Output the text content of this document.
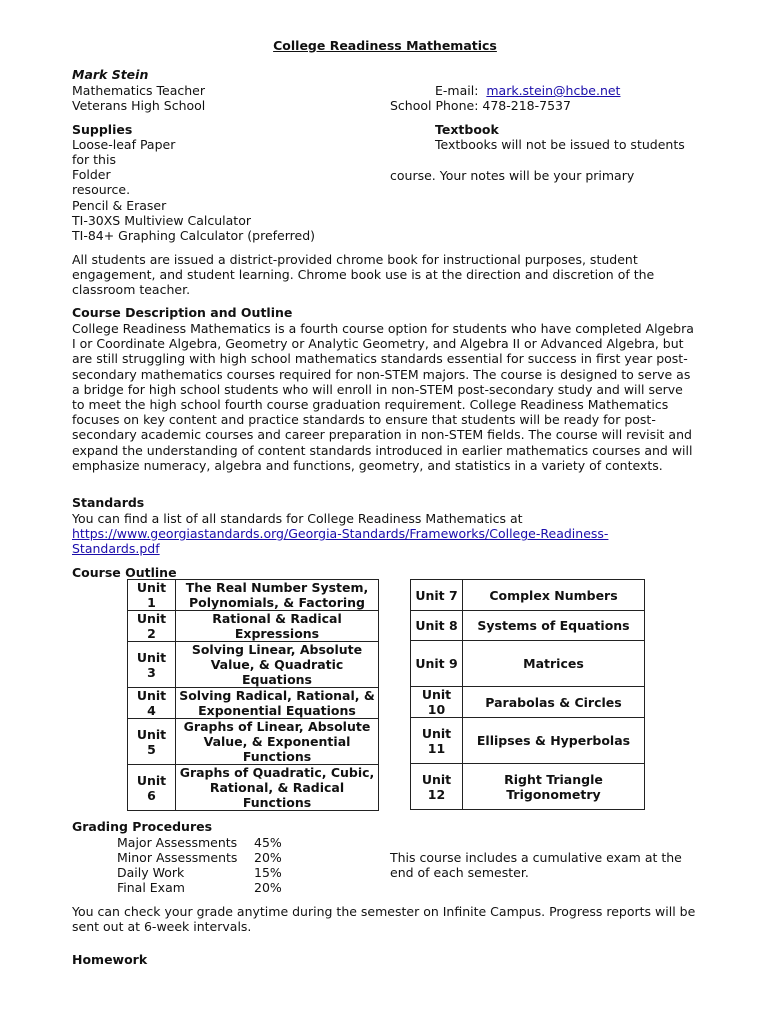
College Readiness Mathematics
Mark Stein
Mathematics Teacher
Veterans High School
E-mail: mark.stein@hcbe.net
School Phone: 478-218-7537
Supplies
Loose-leaf Paper
for this
Folder
resource.
Pencil & Eraser
TI-30XS Multiview Calculator
TI-84+ Graphing Calculator (preferred)
Textbook
Textbooks will not be issued to students
course. Your notes will be your primary
All students are issued a district-provided chrome book for instructional purposes, student engagement, and student learning. Chrome book use is at the direction and discretion of the classroom teacher.
Course Description and Outline
College Readiness Mathematics is a fourth course option for students who have completed Algebra I or Coordinate Algebra, Geometry or Analytic Geometry, and Algebra II or Advanced Algebra, but are still struggling with high school mathematics standards essential for success in first year post-secondary mathematics courses required for non-STEM majors. The course is designed to serve as a bridge for high school students who will enroll in non-STEM post-secondary study and will serve to meet the high school fourth course graduation requirement. College Readiness Mathematics focuses on key content and practice standards to ensure that students will be ready for post-secondary academic courses and career preparation in non-STEM fields. The course will revisit and expand the understanding of content standards introduced in earlier mathematics courses and will emphasize numeracy, algebra and functions, geometry, and statistics in a variety of contexts.
Standards
You can find a list of all standards for College Readiness Mathematics at
https://www.georgiastandards.org/Georgia-Standards/Frameworks/College-Readiness-
Standards.pdf
Course Outline
Unit 1	The Real Number System, Polynomials, & Factoring
Unit 2	Rational & Radical Expressions
Unit 3	Solving Linear, Absolute Value, & Quadratic Equations
Unit 4	Solving Radical, Rational, & Exponential Equations
Unit 5	Graphs of Linear, Absolute Value, & Exponential Functions
Unit 6	Graphs of Quadratic, Cubic, Rational, & Radical Functions
Unit 7	Complex Numbers
Unit 8	Systems of Equations
Unit 9	Matrices
Unit 10	Parabolas & Circles
Unit 11	Ellipses & Hyperbolas
Unit 12	Right Triangle Trigonometry
Grading Procedures
Major Assessments 45%
Minor Assessments 20%
Daily Work	15%
Final Exam	20%
This course includes a cumulative exam at the end of each semester.
You can check your grade anytime during the semester on Infinite Campus. Progress reports will be sent out at 6-week intervals.
Homework
